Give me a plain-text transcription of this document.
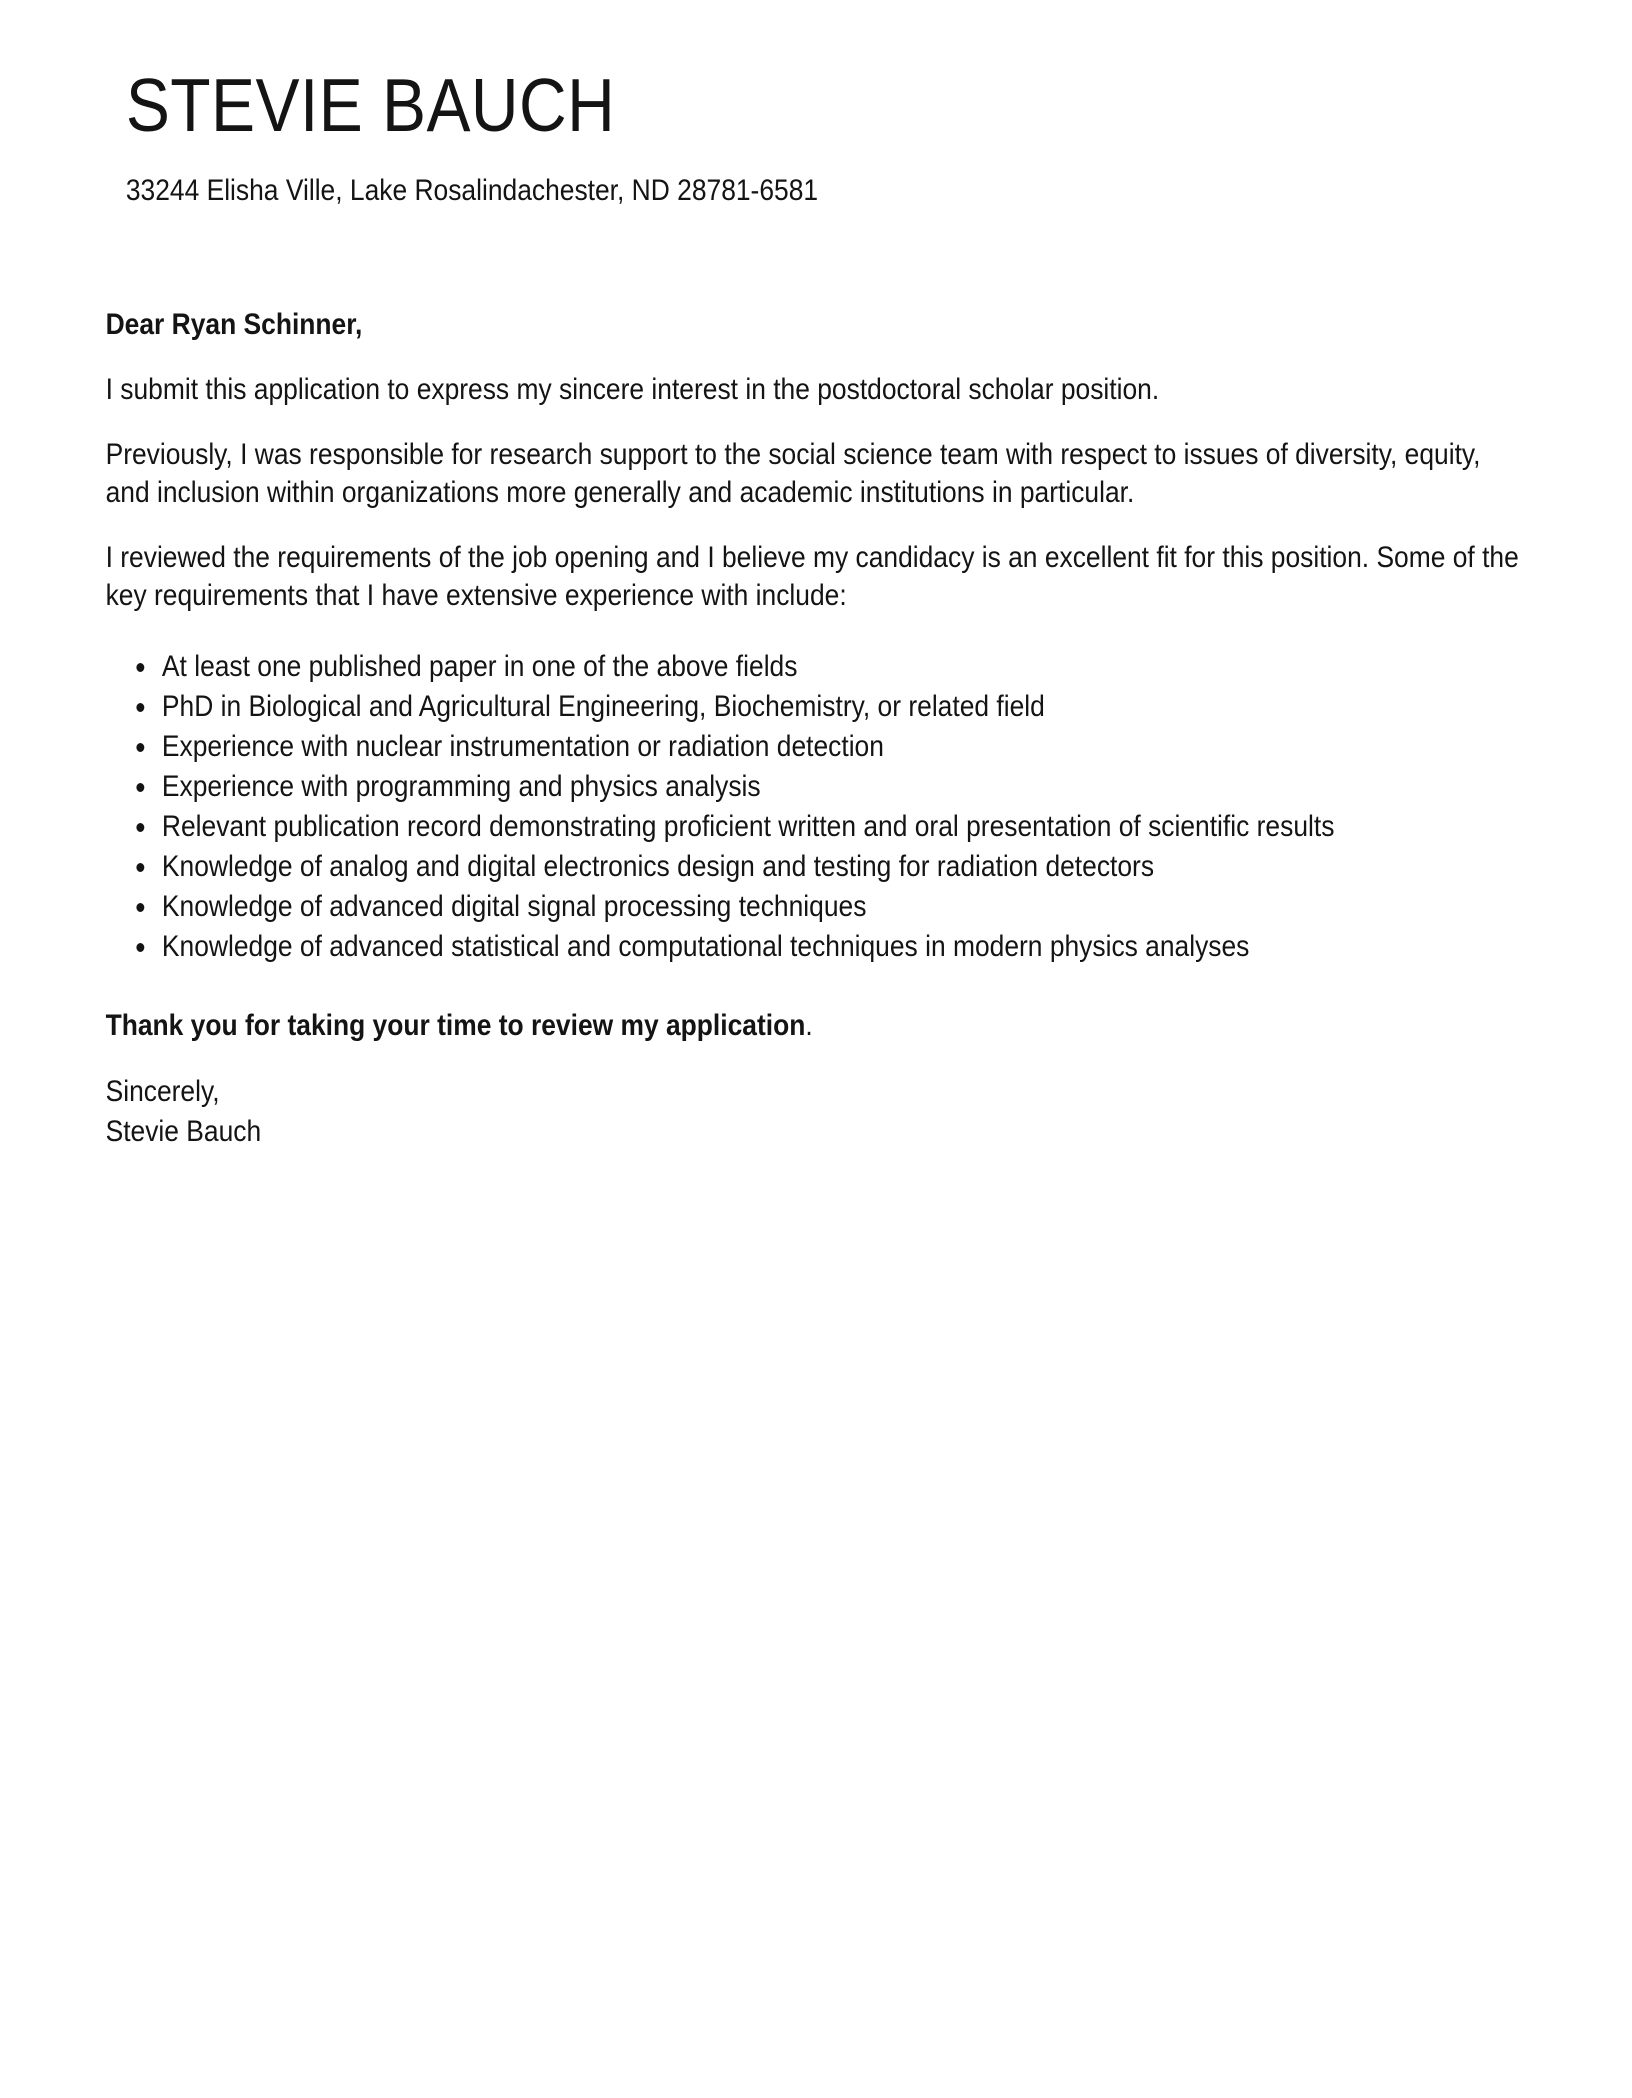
STEVIE BAUCH
33244 Elisha Ville, Lake Rosalindachester, ND 28781-6581
Dear Ryan Schinner,

I submit this application to express my sincere interest in the postdoctoral scholar position.

Previously, I was responsible for research support to the social science team with respect to issues of diversity, equity, and inclusion within organizations more generally and academic institutions in particular.

I reviewed the requirements of the job opening and I believe my candidacy is an excellent fit for this position. Some of the key requirements that I have extensive experience with include:

• At least one published paper in one of the above fields
• PhD in Biological and Agricultural Engineering, Biochemistry, or related field
• Experience with nuclear instrumentation or radiation detection
• Experience with programming and physics analysis
• Relevant publication record demonstrating proficient written and oral presentation of scientific results
• Knowledge of analog and digital electronics design and testing for radiation detectors
• Knowledge of advanced digital signal processing techniques
• Knowledge of advanced statistical and computational techniques in modern physics analyses

Thank you for taking your time to review my application.

Sincerely,
Stevie Bauch
